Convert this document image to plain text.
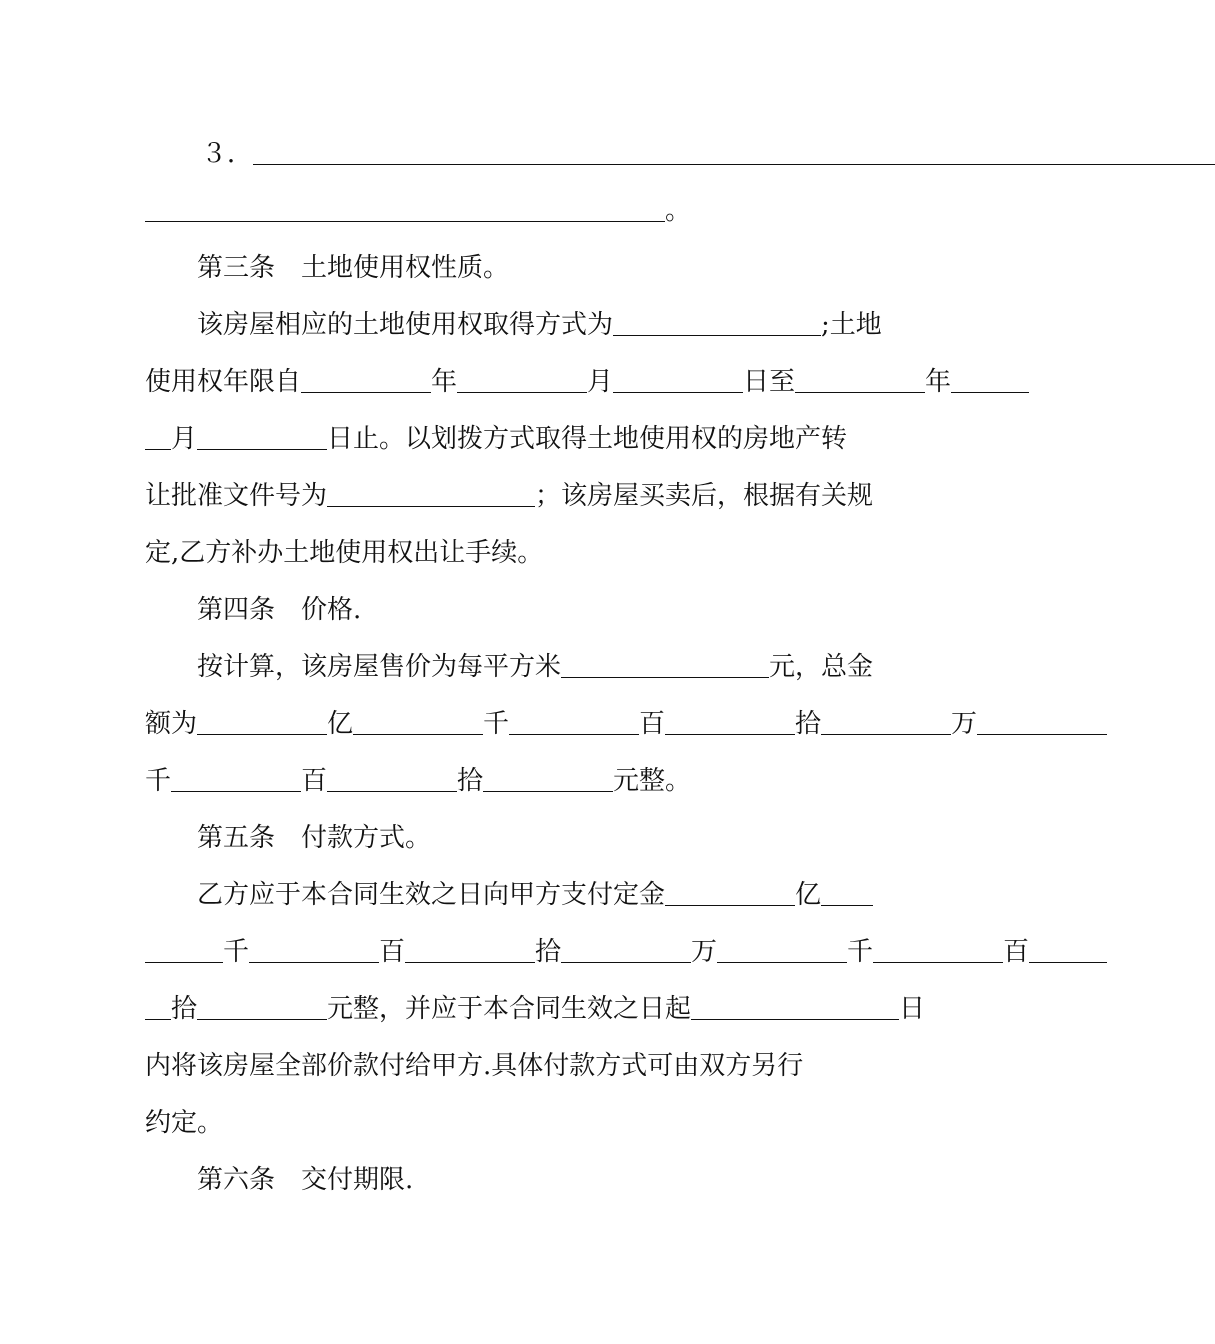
３．＿＿＿＿＿＿＿＿＿＿＿＿＿＿＿＿＿＿＿＿＿＿＿＿＿＿＿＿＿＿＿＿＿＿＿＿＿
＿＿＿＿＿＿＿＿＿＿＿＿＿＿＿＿＿＿＿＿。
第三条 土地使用权性质。
该房屋相应的土地使用权取得方式为＿＿＿＿＿＿＿＿;土地
使用权年限自＿＿＿＿＿年＿＿＿＿＿月＿＿＿＿＿日至＿＿＿＿＿年＿＿＿
＿月＿＿＿＿＿日止。以划拨方式取得土地使用权的房地产转
让批准文件号为＿＿＿＿＿＿＿＿；该房屋买卖后，根据有关规
定,乙方补办土地使用权出让手续。
第四条 价格.
按计算，该房屋售价为每平方米＿＿＿＿＿＿＿＿元，总金
额为＿＿＿＿＿亿＿＿＿＿＿千＿＿＿＿＿百＿＿＿＿＿拾＿＿＿＿＿万＿＿＿＿＿
千＿＿＿＿＿百＿＿＿＿＿拾＿＿＿＿＿元整。
第五条 付款方式。
乙方应于本合同生效之日向甲方支付定金＿＿＿＿＿亿＿＿
＿＿＿千＿＿＿＿＿百＿＿＿＿＿拾＿＿＿＿＿万＿＿＿＿＿千＿＿＿＿＿百＿＿＿
＿拾＿＿＿＿＿元整，并应于本合同生效之日起＿＿＿＿＿＿＿＿日
内将该房屋全部价款付给甲方.具体付款方式可由双方另行
约定。
第六条 交付期限.
